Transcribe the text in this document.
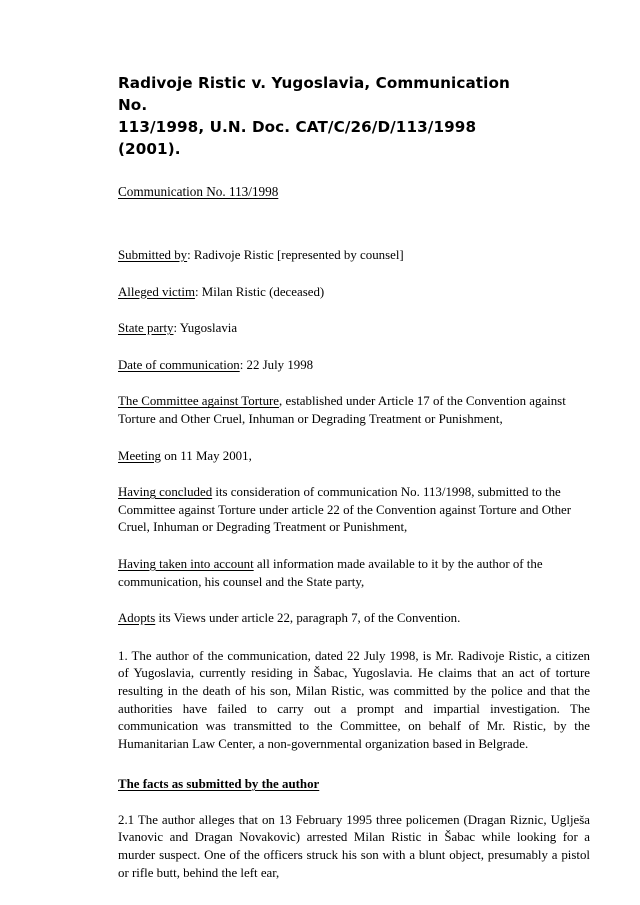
Radivoje Ristic v. Yugoslavia, Communication No.
113/1998, U.N. Doc. CAT/C/26/D/113/1998 (2001).
Communication No. 113/1998
Submitted by: Radivoje Ristic [represented by counsel]
Alleged victim: Milan Ristic (deceased)
State party: Yugoslavia
Date of communication: 22 July 1998
The Committee against Torture, established under Article 17 of the Convention against Torture and Other Cruel, Inhuman or Degrading Treatment or Punishment,
Meeting on 11 May 2001,
Having concluded its consideration of communication No. 113/1998, submitted to the Committee against Torture under article 22 of the Convention against Torture and Other Cruel, Inhuman or Degrading Treatment or Punishment,
Having taken into account all information made available to it by the author of the communication, his counsel and the State party,
Adopts its Views under article 22, paragraph 7, of the Convention.
1. The author of the communication, dated 22 July 1998, is Mr. Radivoje Ristic, a citizen of Yugoslavia, currently residing in Šabac, Yugoslavia. He claims that an act of torture resulting in the death of his son, Milan Ristic, was committed by the police and that the authorities have failed to carry out a prompt and impartial investigation. The communication was transmitted to the Committee, on behalf of Mr. Ristic, by the Humanitarian Law Center, a non-governmental organization based in Belgrade.
The facts as submitted by the author
2.1 The author alleges that on 13 February 1995 three policemen (Dragan Riznic, Uglješa Ivanovic and Dragan Novakovic) arrested Milan Ristic in Šabac while looking for a murder suspect. One of the officers struck his son with a blunt object, presumably a pistol or rifle butt, behind the left ear,
